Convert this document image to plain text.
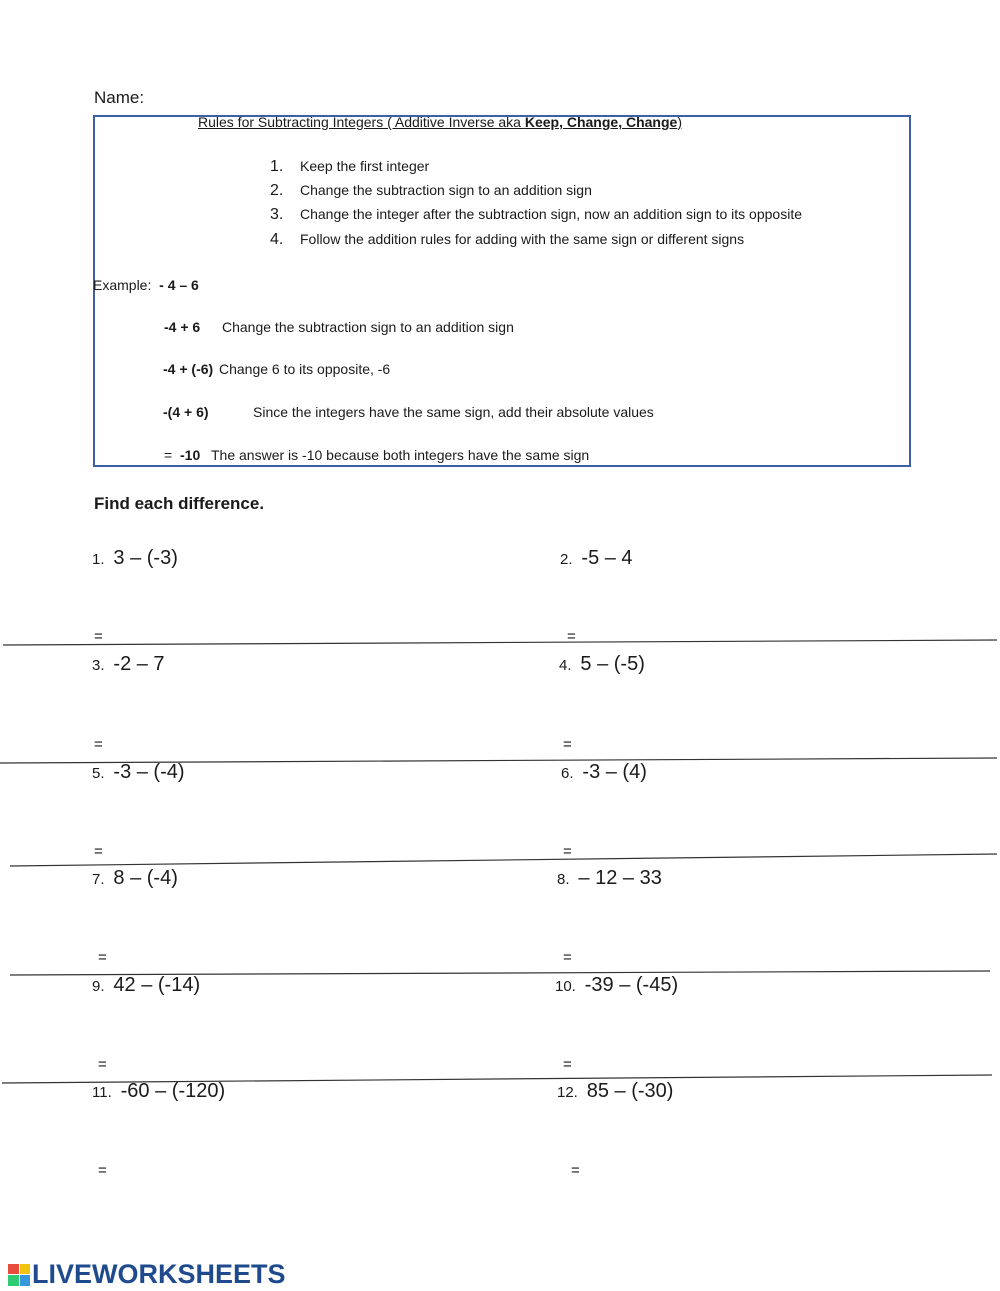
Name:
Rules for Subtracting Integers ( Additive Inverse aka Keep, Change, Change)
1. Keep the first integer
2. Change the subtraction sign to an addition sign
3. Change the integer after the subtraction sign, now an addition sign to its opposite
4. Follow the addition rules for adding with the same sign or different signs
Example: - 4 – 6
-4 + 6 Change the subtraction sign to an addition sign
-4 + (-6) Change 6 to its opposite, -6
-(4 + 6)	Since the integers have the same sign, add their absolute values
= -10 The answer is -10 because both integers have the same sign
Find each difference.
1. 3 – (-3)
=
2. -5 – 4
=
3. -2 – 7
=
4. 5 – (-5)
=
5. -3 – (-4)
=
6. -3 – (4)
=
7. 8 – (-4)
=
8. – 12 – 33
=
9. 42 – (-14)
=
10. -39 – (-45)
=
11. -60 – (-120)
=
12. 85 – (-30)
=
LIVEWORKSHEETS
